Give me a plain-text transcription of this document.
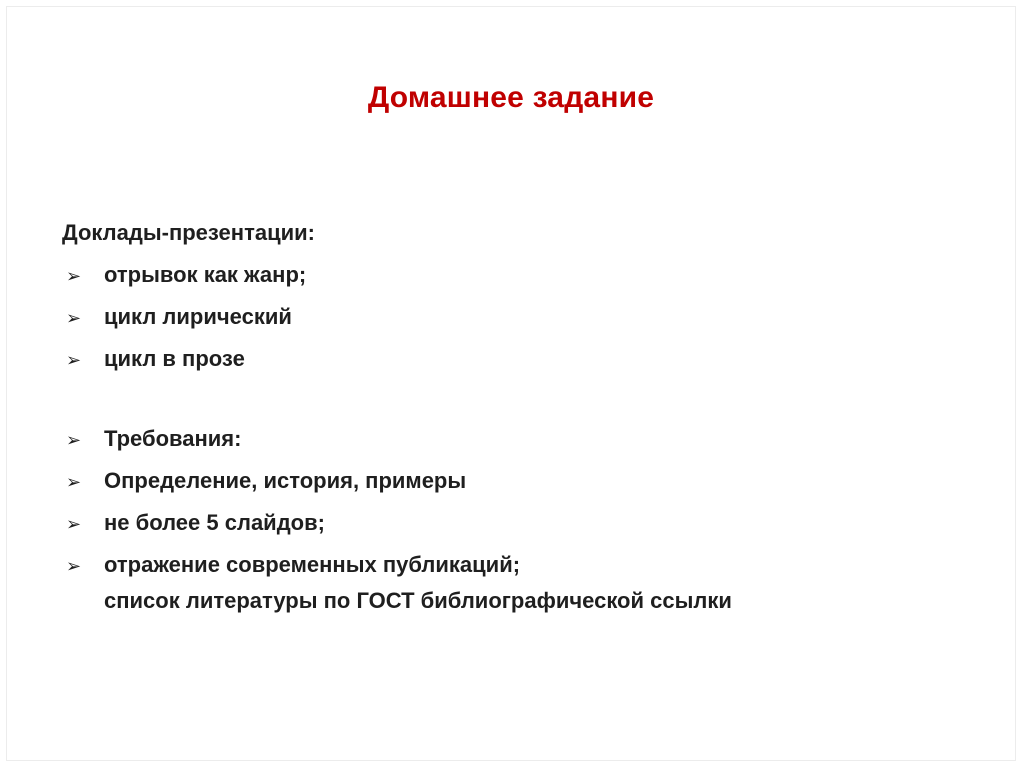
Домашнее задание
Доклады-презентации:
➢ отрывок как жанр;
➢ цикл лирический
➢ цикл в прозе
➢ Требования:
➢ Определение, история, примеры
➢ не более 5 слайдов;
➢ отражение современных публикаций;
список литературы по ГОСТ библиографической ссылки
